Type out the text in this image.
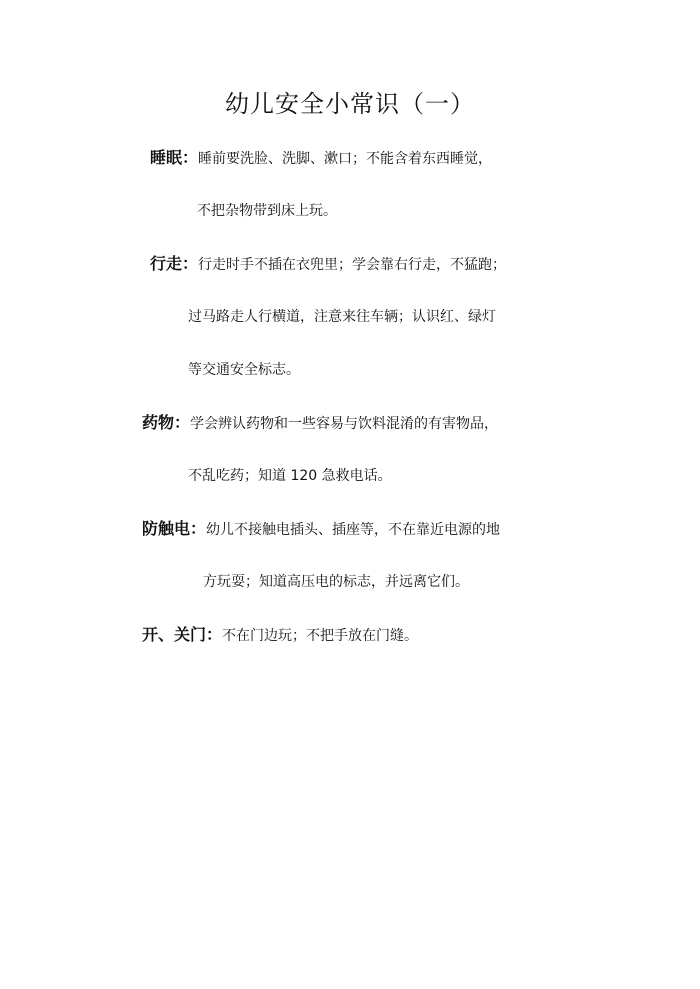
幼儿安全小常识（一）
睡眠：睡前要洗脸、洗脚、漱口；不能含着东西睡觉，
不把杂物带到床上玩。
行走：行走时手不插在衣兜里；学会靠右行走，不猛跑；
过马路走人行横道，注意来往车辆；认识红、绿灯
等交通安全标志。
药物：学会辨认药物和一些容易与饮料混淆的有害物品，
不乱吃药；知道 120 急救电话。
防触电：幼儿不接触电插头、插座等，不在靠近电源的地
方玩耍；知道高压电的标志，并远离它们。
开、关门：不在门边玩；不把手放在门缝。
